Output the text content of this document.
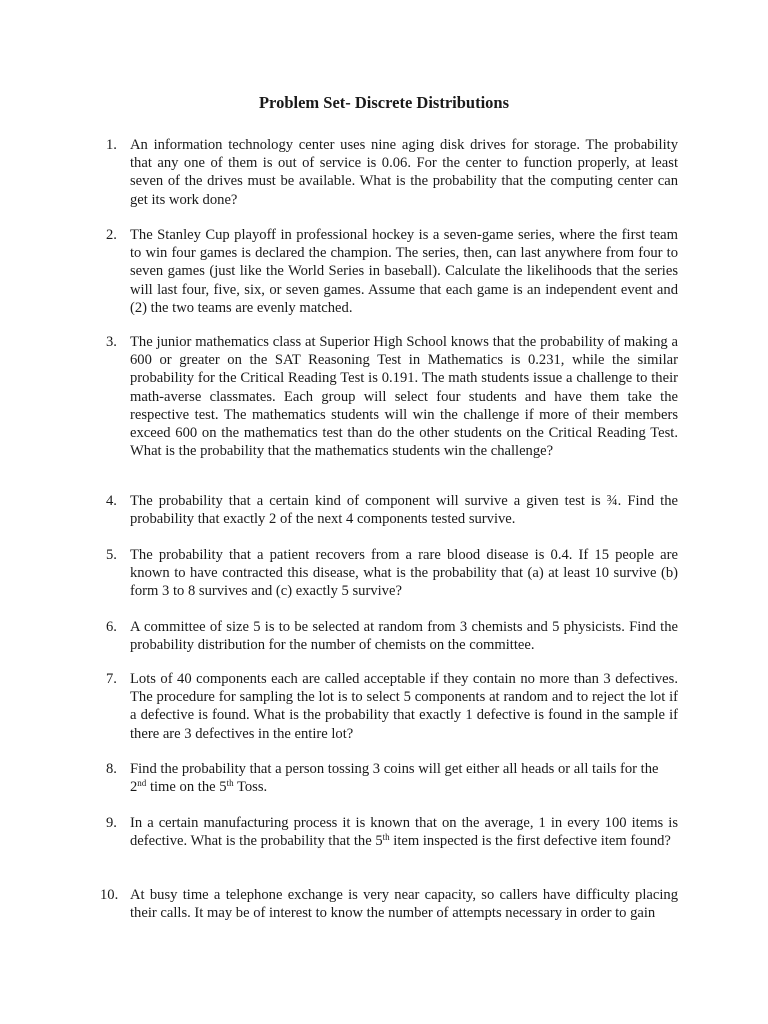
Problem Set- Discrete Distributions
1. An information technology center uses nine aging disk drives for storage. The probability that any one of them is out of service is 0.06. For the center to function properly, at least seven of the drives must be available. What is the probability that the computing center can get its work done?
2. The Stanley Cup playoff in professional hockey is a seven-game series, where the first team to win four games is declared the champion. The series, then, can last anywhere from four to seven games (just like the World Series in baseball). Calculate the likelihoods that the series will last four, five, six, or seven games. Assume that each game is an independent event and (2) the two teams are evenly matched.
3. The junior mathematics class at Superior High School knows that the probability of making a 600 or greater on the SAT Reasoning Test in Mathematics is 0.231, while the similar probability for the Critical Reading Test is 0.191. The math students issue a challenge to their math-averse classmates. Each group will select four students and have them take the respective test. The mathematics students will win the challenge if more of their members exceed 600 on the mathematics test than do the other students on the Critical Reading Test. What is the probability that the mathematics students win the challenge?
4. The probability that a certain kind of component will survive a given test is ¾. Find the probability that exactly 2 of the next 4 components tested survive.
5. The probability that a patient recovers from a rare blood disease is 0.4. If 15 people are known to have contracted this disease, what is the probability that (a) at least 10 survive (b) form 3 to 8 survives and (c) exactly 5 survive?
6. A committee of size 5 is to be selected at random from 3 chemists and 5 physicists. Find the probability distribution for the number of chemists on the committee.
7. Lots of 40 components each are called acceptable if they contain no more than 3 defectives. The procedure for sampling the lot is to select 5 components at random and to reject the lot if a defective is found. What is the probability that exactly 1 defective is found in the sample if there are 3 defectives in the entire lot?
8. Find the probability that a person tossing 3 coins will get either all heads or all tails for the 2nd time on the 5th Toss.
9. In a certain manufacturing process it is known that on the average, 1 in every 100 items is defective. What is the probability that the 5th item inspected is the first defective item found?
10. At busy time a telephone exchange is very near capacity, so callers have difficulty placing their calls. It may be of interest to know the number of attempts necessary in order to gain
